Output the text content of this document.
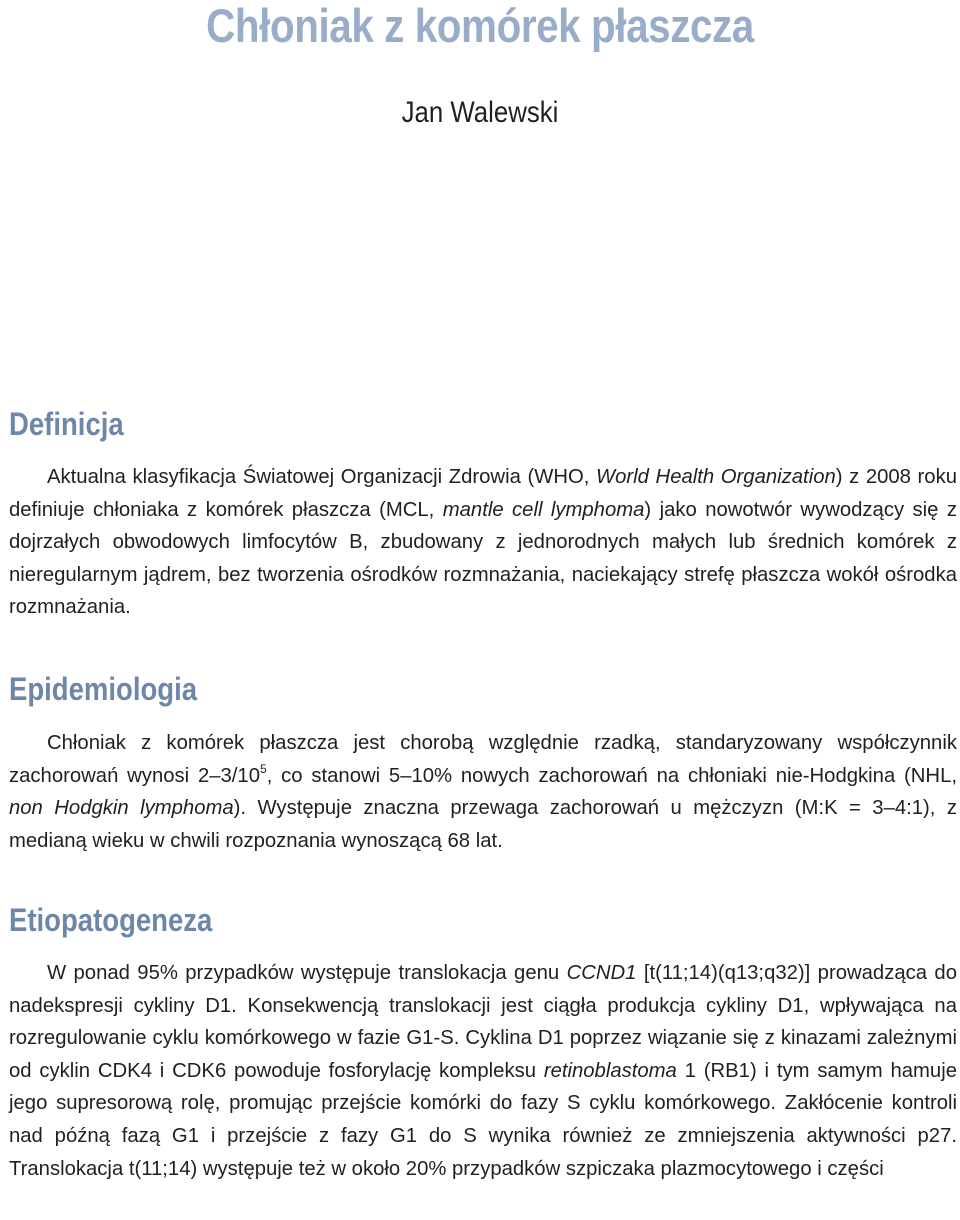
Chłoniak z komórek płaszcza
Jan Walewski
Definicja

Aktualna klasyfikacja Światowej Organizacji Zdrowia (WHO, World Health Organization) z 2008 roku definiuje chłoniaka z komórek płaszcza (MCL, mantle cell lymphoma) jako nowotwór wywodzący się z dojrzałych obwodowych limfocytów B, zbudowany z jednorodnych małych lub średnich komórek z nieregularnym jądrem, bez tworzenia ośrodków rozmnażania, naciekający strefę płaszcza wokół ośrodka rozmnażania.

Epidemiologia

Chłoniak z komórek płaszcza jest chorobą względnie rzadką, standaryzowany współczynnik zachorowań wynosi $2-3/10^5$, co stanowi 5–10% nowych zachorowań na chłoniaki nie-Hodgkina (NHL, non Hodgkin lymphoma). Występuje znaczna przewaga zachorowań u mężczyzn (M:K = 3–4:1), z medianą wieku w chwili rozpoznania wynoszącą 68 lat.

Etiopatogeneza

W ponad 95% przypadków występuje translokacja genu CCND1 [t(11;14)(q13;q32)] prowadząca do nadekspresji cykliny D1. Konsekwencją translokacji jest ciągła produkcja cykliny D1, wpływająca na rozregulowanie cyklu komórkowego w fazie G1-S. Cyklina D1 poprzez wiązanie się z kinazami zależnymi od cyklin CDK4 i CDK6 powoduje fosforylację kompleksu retinoblastoma 1 (RB1) i tym samym hamuje jego supresorową rolę, promując przejście komórki do fazy S cyklu komórkowego. Zakłócenie kontroli nad późną fazą G1 i przejście z fazy G1 do S wynika również ze zmniejszenia aktywności p27. Translokacja t(11;14) występuje też w około 20% przypadków szpiczaka plazmocytowego i części
